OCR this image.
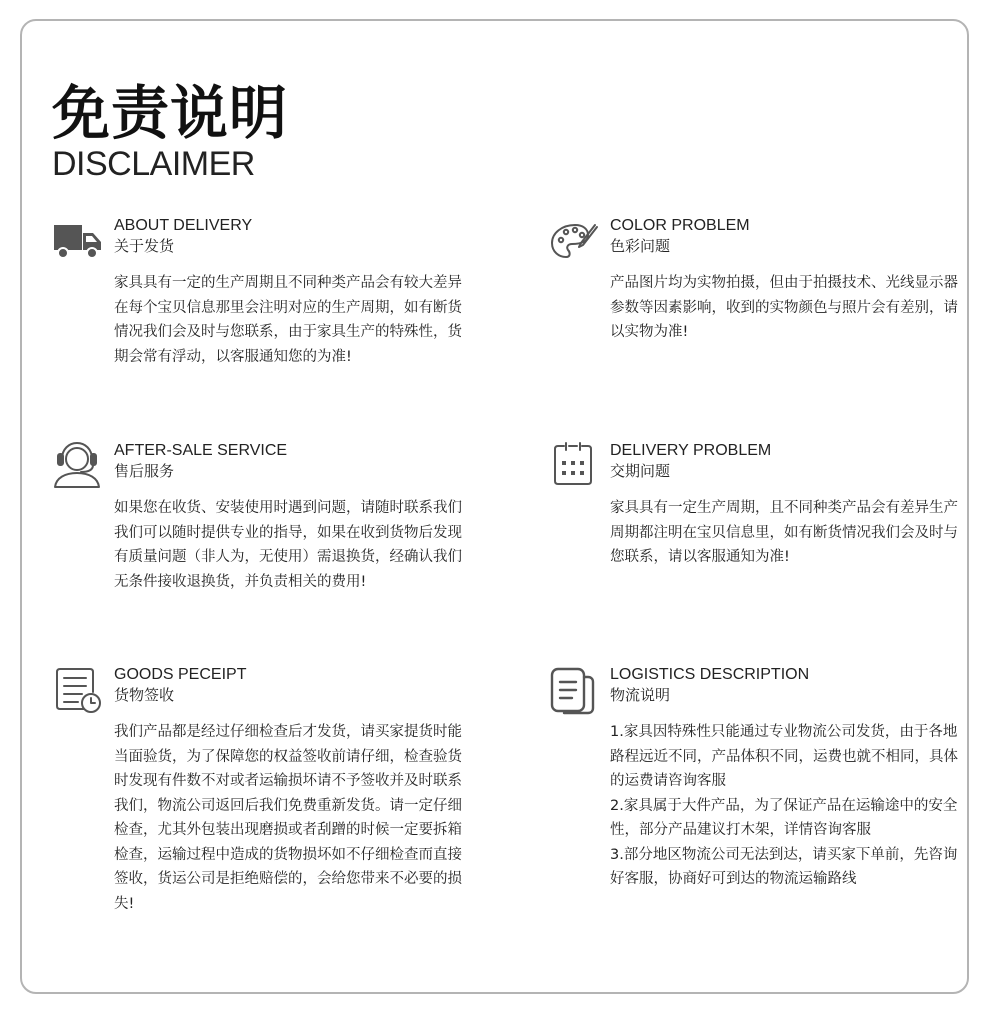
免责说明
DISCLAIMER
ABOUT DELIVERY
关于发货
家具具有一定的生产周期且不同种类产品会有较大差异在每个宝贝信息那里会注明对应的生产周期，如有断货情况我们会及时与您联系，由于家具生产的特殊性，货期会常有浮动，以客服通知您的为准!
COLOR PROBLEM
色彩问题
产品图片均为实物拍摄，但由于拍摄技术、光线显示器参数等因素影响，收到的实物颜色与照片会有差别，请以实物为准!
AFTER-SALE SERVICE
售后服务
如果您在收货、安装使用时遇到问题，请随时联系我们我们可以随时提供专业的指导，如果在收到货物后发现有质量问题（非人为，无使用）需退换货，经确认我们无条件接收退换货，并负责相关的费用!
DELIVERY PROBLEM
交期问题
家具具有一定生产周期，且不同种类产品会有差异生产周期都注明在宝贝信息里，如有断货情况我们会及时与您联系，请以客服通知为准!
GOODS PECEIPT
货物签收
我们产品都是经过仔细检查后才发货，请买家提货时能当面验货，为了保障您的权益签收前请仔细，检查验货时发现有件数不对或者运输损坏请不予签收并及时联系我们，物流公司返回后我们免费重新发货。请一定仔细检查，尤其外包装出现磨损或者刮蹭的时候一定要拆箱检查，运输过程中造成的货物损坏如不仔细检查而直接签收，货运公司是拒绝赔偿的，会给您带来不必要的损失!
LOGISTICS DESCRIPTION
物流说明

1.家具因特殊性只能通过专业物流公司发货，由于各地路程远近不同，产品体积不同，运费也就不相同，具体的运费请咨询客服

2.家具属于大件产品，为了保证产品在运输途中的安全性，部分产品建议打木架，详情咨询客服

3.部分地区物流公司无法到达，请买家下单前，先咨询好客服，协商好可到达的物流运输路线
